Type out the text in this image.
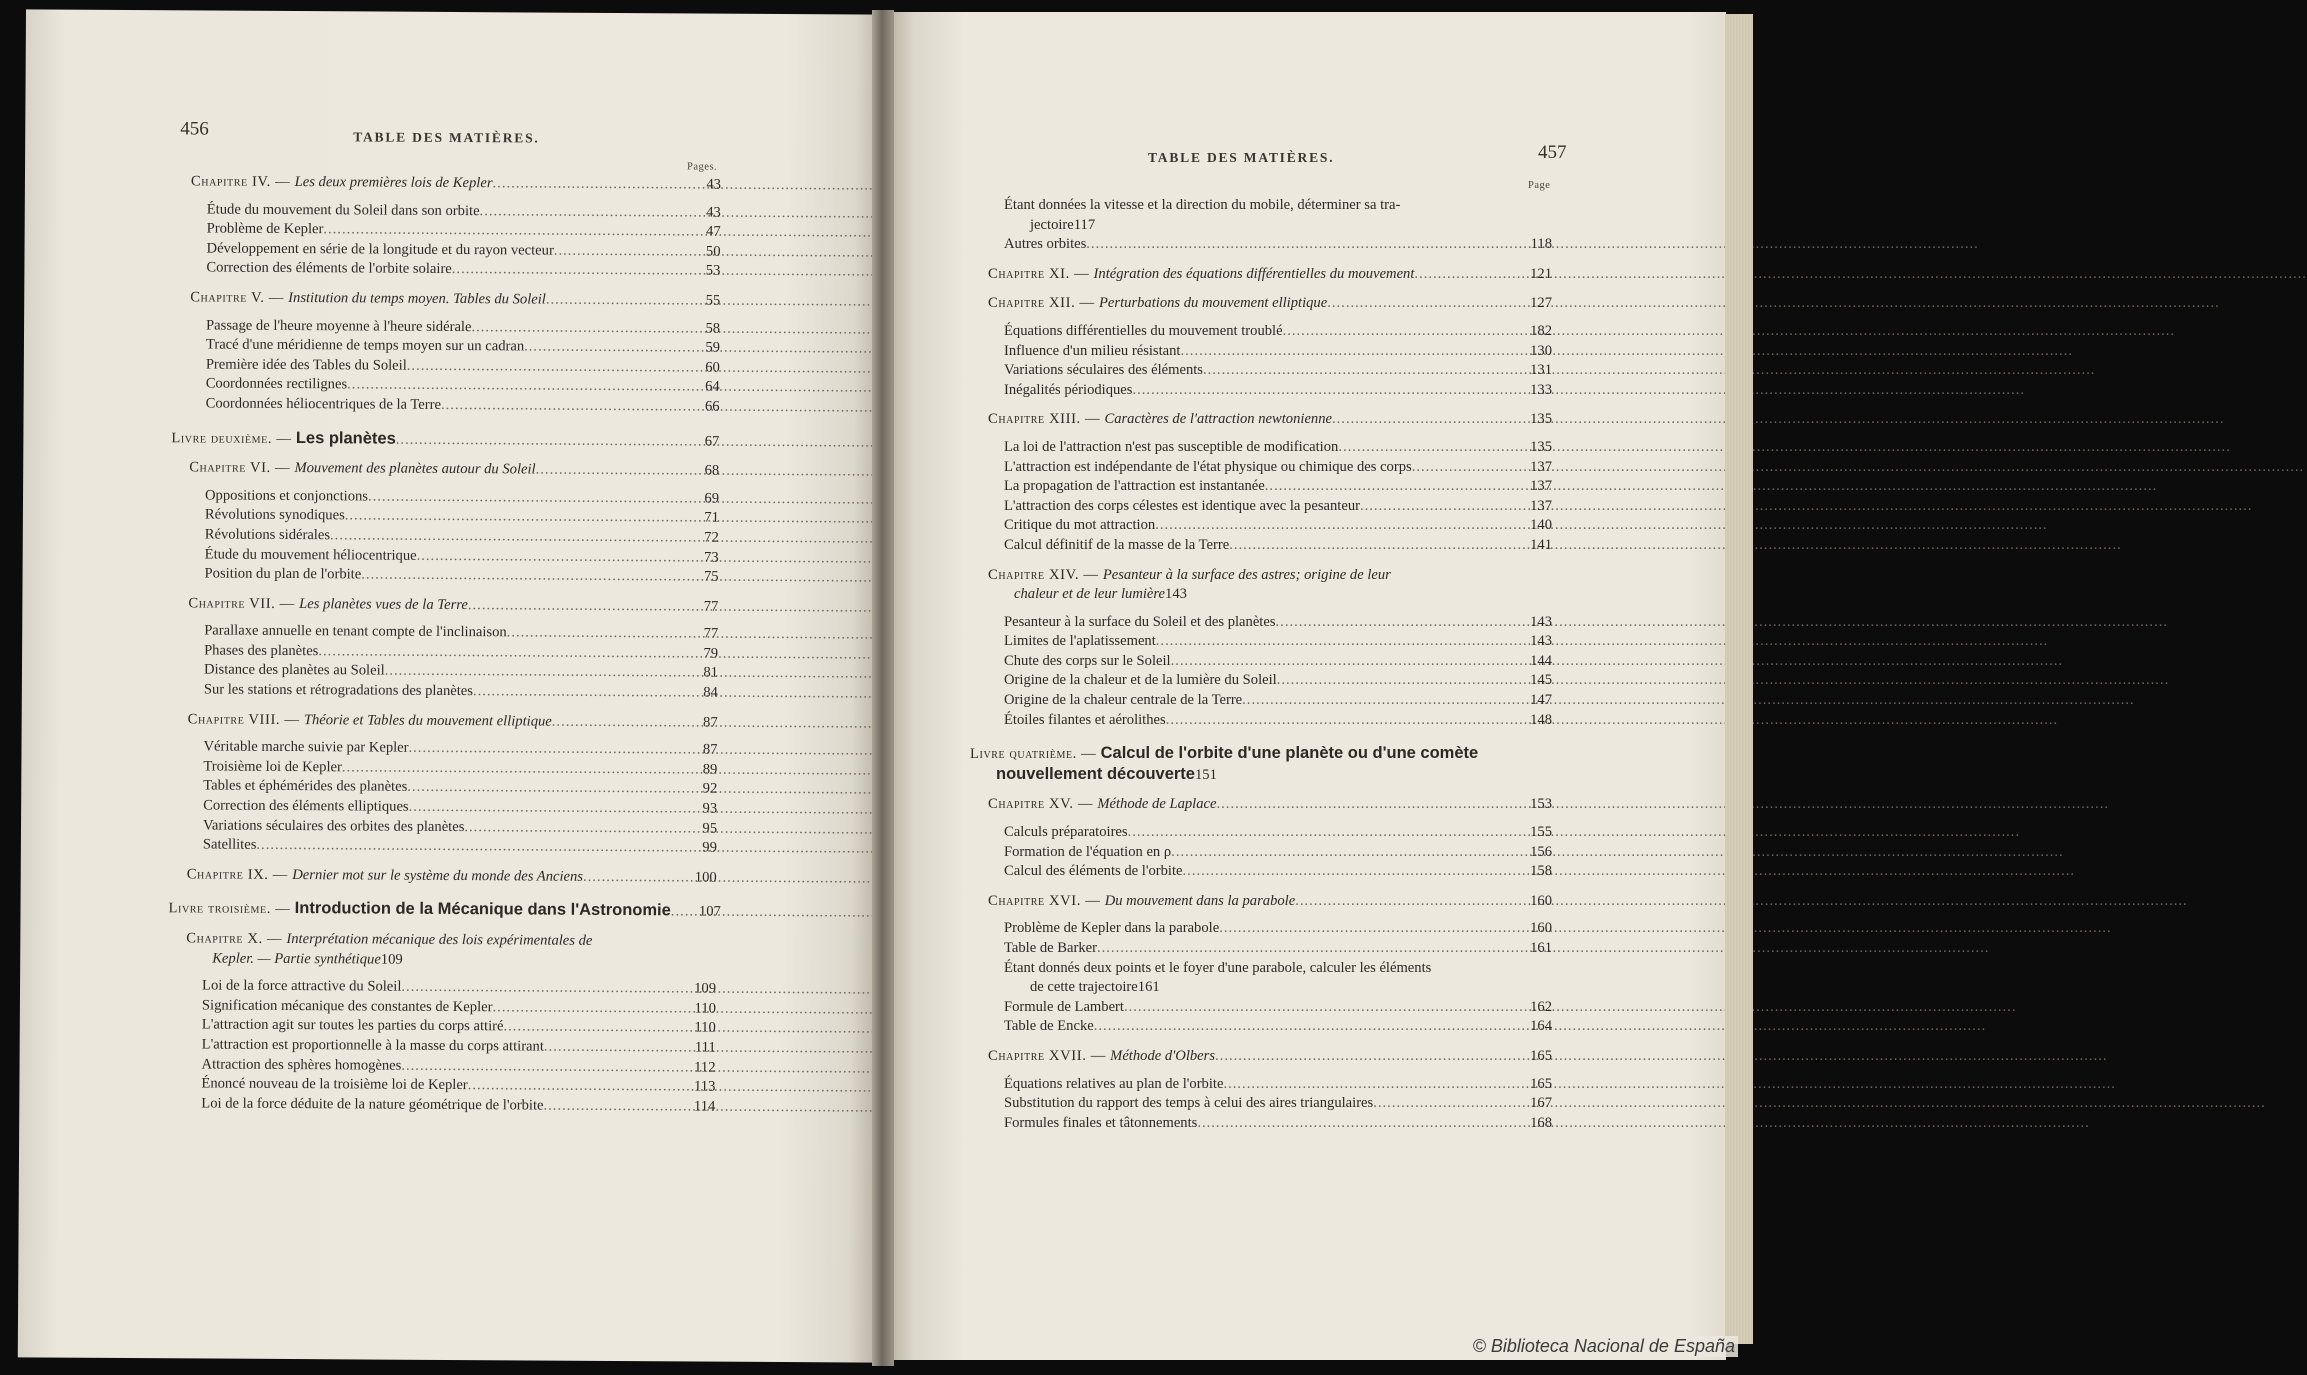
456	TABLE DES MATIÈRES.
Pages.
Chapitre IV. — Les deux premières lois de Kepler .....	43
Étude du mouvement du Soleil dans son orbite .....	43
Problème de Kepler .....	47
Développement en série de la longitude et du rayon vecteur .....	50
Correction des éléments de l'orbite solaire .....	53
Chapitre V. — Institution du temps moyen. Tables du Soleil .....	55
Passage de l'heure moyenne à l'heure sidérale .....	58
Tracé d'une méridienne de temps moyen sur un cadran .....	59
Première idée des Tables du Soleil .....	60
Coordonnées rectilignes .....	64
Coordonnées héliocentriques de la Terre .....	66
Livre deuxième. — Les planètes .....	67
Chapitre VI. — Mouvement des planètes autour du Soleil .....	68
Oppositions et conjonctions .....	69
Révolutions synodiques .....	71
Révolutions sidérales .....	72
Étude du mouvement héliocentrique .....	73
Position du plan de l'orbite .....	75
Chapitre VII. — Les planètes vues de la Terre .....	77
Parallaxe annuelle en tenant compte de l'inclinaison .....	77
Phases des planètes .....	79
Distance des planètes au Soleil .....	81
Sur les stations et rétrogradations des planètes .....	84
Chapitre VIII. — Théorie et Tables du mouvement elliptique .....	87
Véritable marche suivie par Kepler .....	87
Troisième loi de Kepler .....	89
Tables et éphémérides des planètes .....	92
Correction des éléments elliptiques .....	93
Variations séculaires des orbites des planètes .....	95
Satellites .....	99
Chapitre IX. — Dernier mot sur le système du monde des Anciens .....	100
Livre troisième. — Introduction de la Mécanique dans l'Astronomie .....	107
Chapitre X. — Interprétation mécanique des lois expérimentales de
Kepler. — Partie synthétique 109
Loi de la force attractive du Soleil .....	109
Signification mécanique des constantes de Kepler .....	110
L'attraction agit sur toutes les parties du corps attiré .....	110
L'attraction est proportionnelle à la masse du corps attirant .....	111
Attraction des sphères homogènes .....	112
Énoncé nouveau de la troisième loi de Kepler .....	113
Loi de la force déduite de la nature géométrique de l'orbite .....	114
TABLE DES MATIÈRES.	457
Page
Étant données la vitesse et la direction du mobile, déterminer sa tra-
jectoire 117
Autres orbites .....	118
Chapitre XI. — Intégration des équations différentielles du mouvement .....	121
Chapitre XII. — Perturbations du mouvement elliptique .....	127
Équations différentielles du mouvement troublé .....	182
Influence d'un milieu résistant .....	130
Variations séculaires des éléments .....	131
Inégalités périodiques .....	133
Chapitre XIII. — Caractères de l'attraction newtonienne .....	135
La loi de l'attraction n'est pas susceptible de modification .....	135
L'attraction est indépendante de l'état physique ou chimique des corps .....	137
La propagation de l'attraction est instantanée .....	137
L'attraction des corps célestes est identique avec la pesanteur .....	137
Critique du mot attraction .....	140
Calcul définitif de la masse de la Terre .....	141
Chapitre XIV. — Pesanteur à la surface des astres; origine de leur
chaleur et de leur lumière 143
Pesanteur à la surface du Soleil et des planètes .....	143
Limites de l'aplatissement .....	143
Chute des corps sur le Soleil .....	144
Origine de la chaleur et de la lumière du Soleil .....	145
Origine de la chaleur centrale de la Terre .....	147
Étoiles filantes et aérolithes .....	148
Livre quatrième. — Calcul de l'orbite d'une planète ou d'une comète
nouvellement découverte 151
Chapitre XV. — Méthode de Laplace .....	153
Calculs préparatoires .....	155
Formation de l'équation en ρ .....	156
Calcul des éléments de l'orbite .....	158
Chapitre XVI. — Du mouvement dans la parabole .....	160
Problème de Kepler dans la parabole .....	160
Table de Barker .....	161
Étant donnés deux points et le foyer d'une parabole, calculer les éléments
de cette trajectoire 161
Formule de Lambert .....	162
Table de Encke .....	164
Chapitre XVII. — Méthode d'Olbers .....	165
Équations relatives au plan de l'orbite .....	165
Substitution du rapport des temps à celui des aires triangulaires .....	167
Formules finales et tâtonnements .....	168
© Biblioteca Nacional de España
